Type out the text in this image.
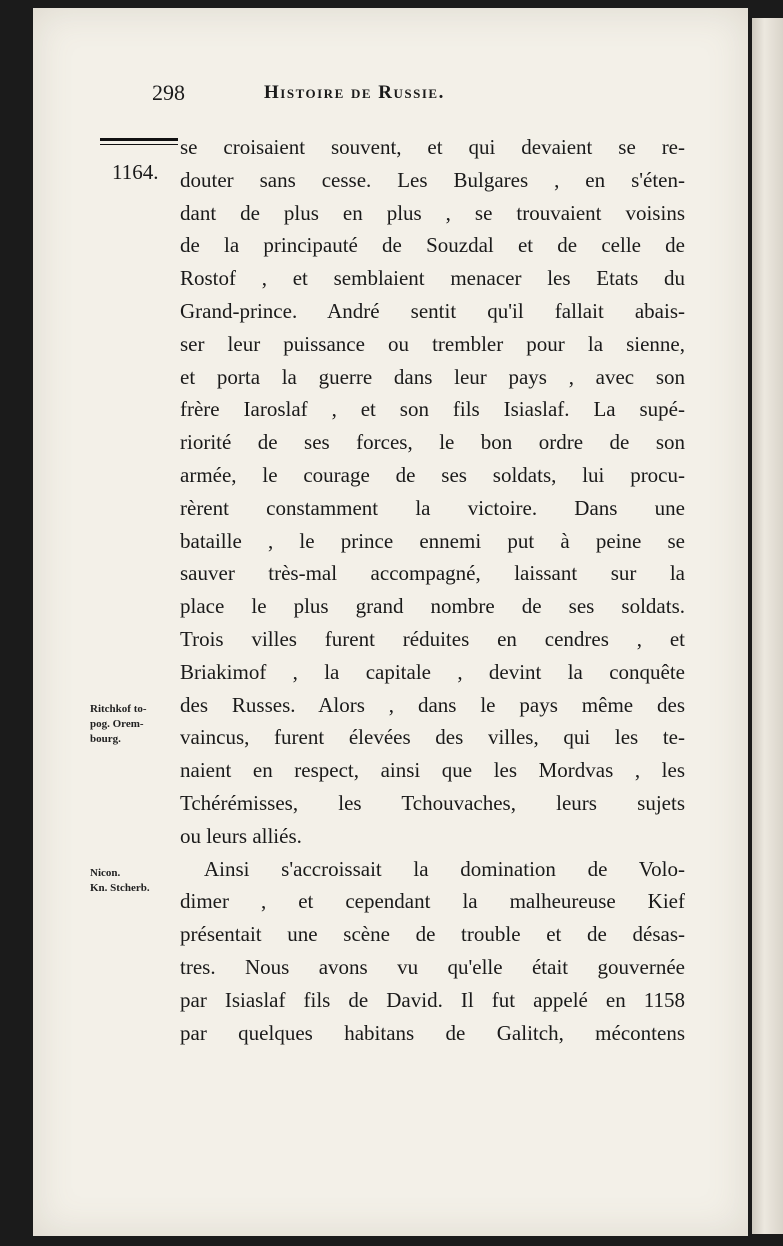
298	Histoire de Russie.
1164.
Ritchkof to-
pog. Orem-
bourg.
Nicon.
Kn. Stcherb.
se croisaient souvent, et qui devaient se re-
douter sans cesse. Les Bulgares , en s'éten-
dant de plus en plus , se trouvaient voisins
de la principauté de Souzdal et de celle de
Rostof , et semblaient menacer les Etats du
Grand-prince. André sentit qu'il fallait abais-
ser leur puissance ou trembler pour la sienne,
et porta la guerre dans leur pays , avec son
frère Iaroslaf , et son fils Isiaslaf. La supé-
riorité de ses forces, le bon ordre de son
armée, le courage de ses soldats, lui procu-
rèrent constamment la victoire. Dans une
bataille , le prince ennemi put à peine se
sauver très-mal accompagné, laissant sur la
place le plus grand nombre de ses soldats.
Trois villes furent réduites en cendres , et
Briakimof , la capitale , devint la conquête
des Russes. Alors , dans le pays même des
vaincus, furent élevées des villes, qui les te-
naient en respect, ainsi que les Mordvas , les
Tchérémisses, les Tchouvaches, leurs sujets
ou leurs alliés.
Ainsi s'accroissait la domination de Volo-
dimer , et cependant la malheureuse Kief
présentait une scène de trouble et de désas-
tres. Nous avons vu qu'elle était gouvernée
par Isiaslaf fils de David. Il fut appelé en 1158
par quelques habitans de Galitch, mécontens
